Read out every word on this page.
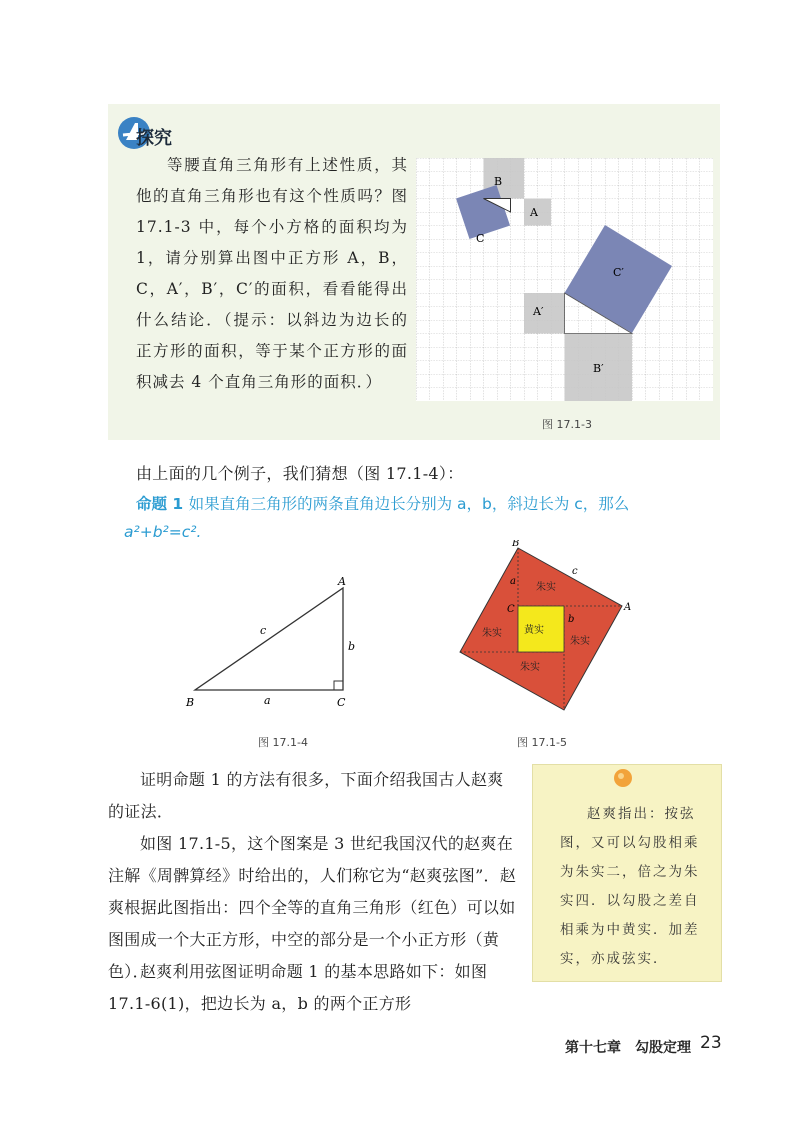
探究

等腰直角三角形有上述性质，其他的直角三角形也有这个性质吗？图 17.1-3 中，每个小方格的面积均为 1，请分别算出图中正方形 A，B，C，A′，B′，C′的面积，看看能得出什么结论．（提示：以斜边为边长的正方形的面积，等于某个正方形的面积减去 4 个直角三角形的面积．）

B
A
C
A′
B′
C′
图 17.1-3

由上面的几个例子，我们猜想（图 17.1-4）：

命题 1 如果直角三角形的两条直角边长分别为 a，b，斜边长为 c，那么

a²+b²=c².

B	C
A
a
b
c
图 17.1-4
B
A
C
a
b
c
朱实
朱实
朱实
朱实
黄实
图 17.1-5

证明命题 1 的方法有很多，下面介绍我国古人赵爽的证法．

如图 17.1-5，这个图案是 3 世纪我国汉代的赵爽在注解《周髀算经》时给出的，人们称它为“赵爽弦图”．赵爽根据此图指出：四个全等的直角三角形（红色）可以如图围成一个大正方形，中空的部分是一个小正方形（黄色）．

赵爽利用弦图证明命题 1 的基本思路如下：如图 17.1-6(1)，把边长为 a，b 的两个正方形

赵爽指出：按弦图，又可以勾股相乘为朱实二，倍之为朱实四．以勾股之差自相乘为中黄实．加差实，亦成弦实．

第十七章　勾股定理 23
